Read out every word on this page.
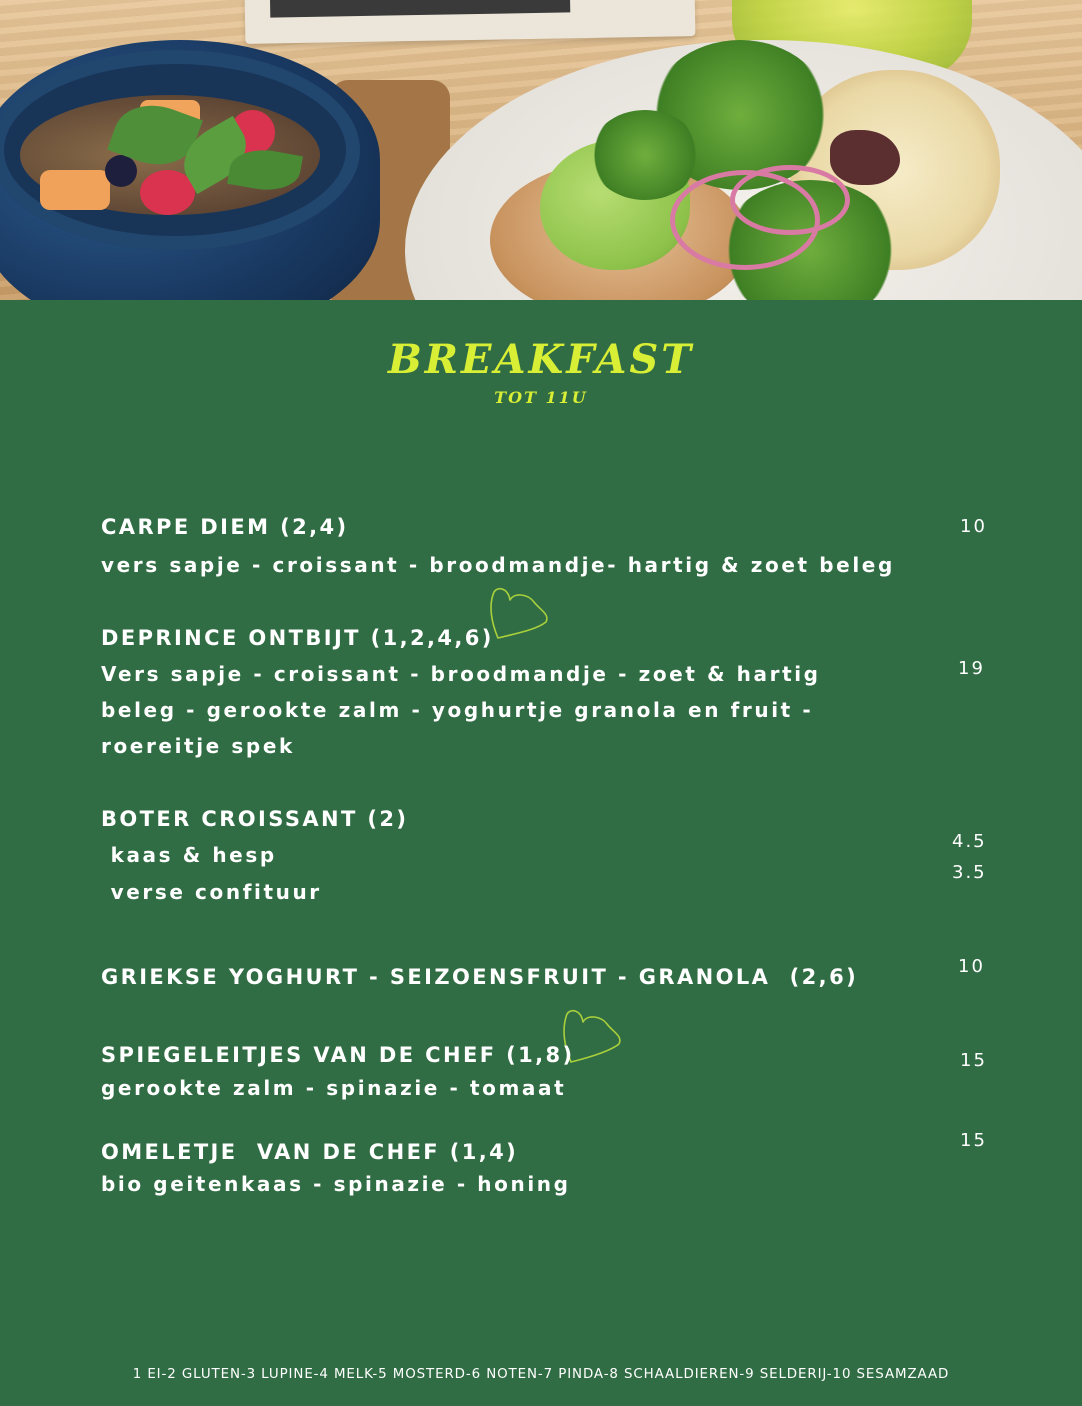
BREAKFAST
TOT 11U

CARPE DIEM (2,4)

vers sapje - croissant - broodmandje- hartig & zoet beleg

10

DEPRINCE ONTBIJT (1,2,4,6)

Vers sapje - croissant - broodmandje - zoet & hartig

beleg - gerookte zalm - yoghurtje granola en fruit -

roereitje spek

19

BOTER CROISSANT (2)

kaas & hesp

verse confituur

4.5

3.5

GRIEKSE YOGHURT - SEIZOENSFRUIT - GRANOLA  (2,6)	10

SPIEGELEITJES VAN DE CHEF (1,8)

gerookte zalm - spinazie - tomaat

15

OMELETJE  VAN DE CHEF (1,4)

bio geitenkaas - spinazie - honing

15

1 EI-2 GLUTEN-3 LUPINE-4 MELK-5 MOSTERD-6 NOTEN-7 PINDA-8 SCHAALDIEREN-9 SELDERIJ-10 SESAMZAAD
